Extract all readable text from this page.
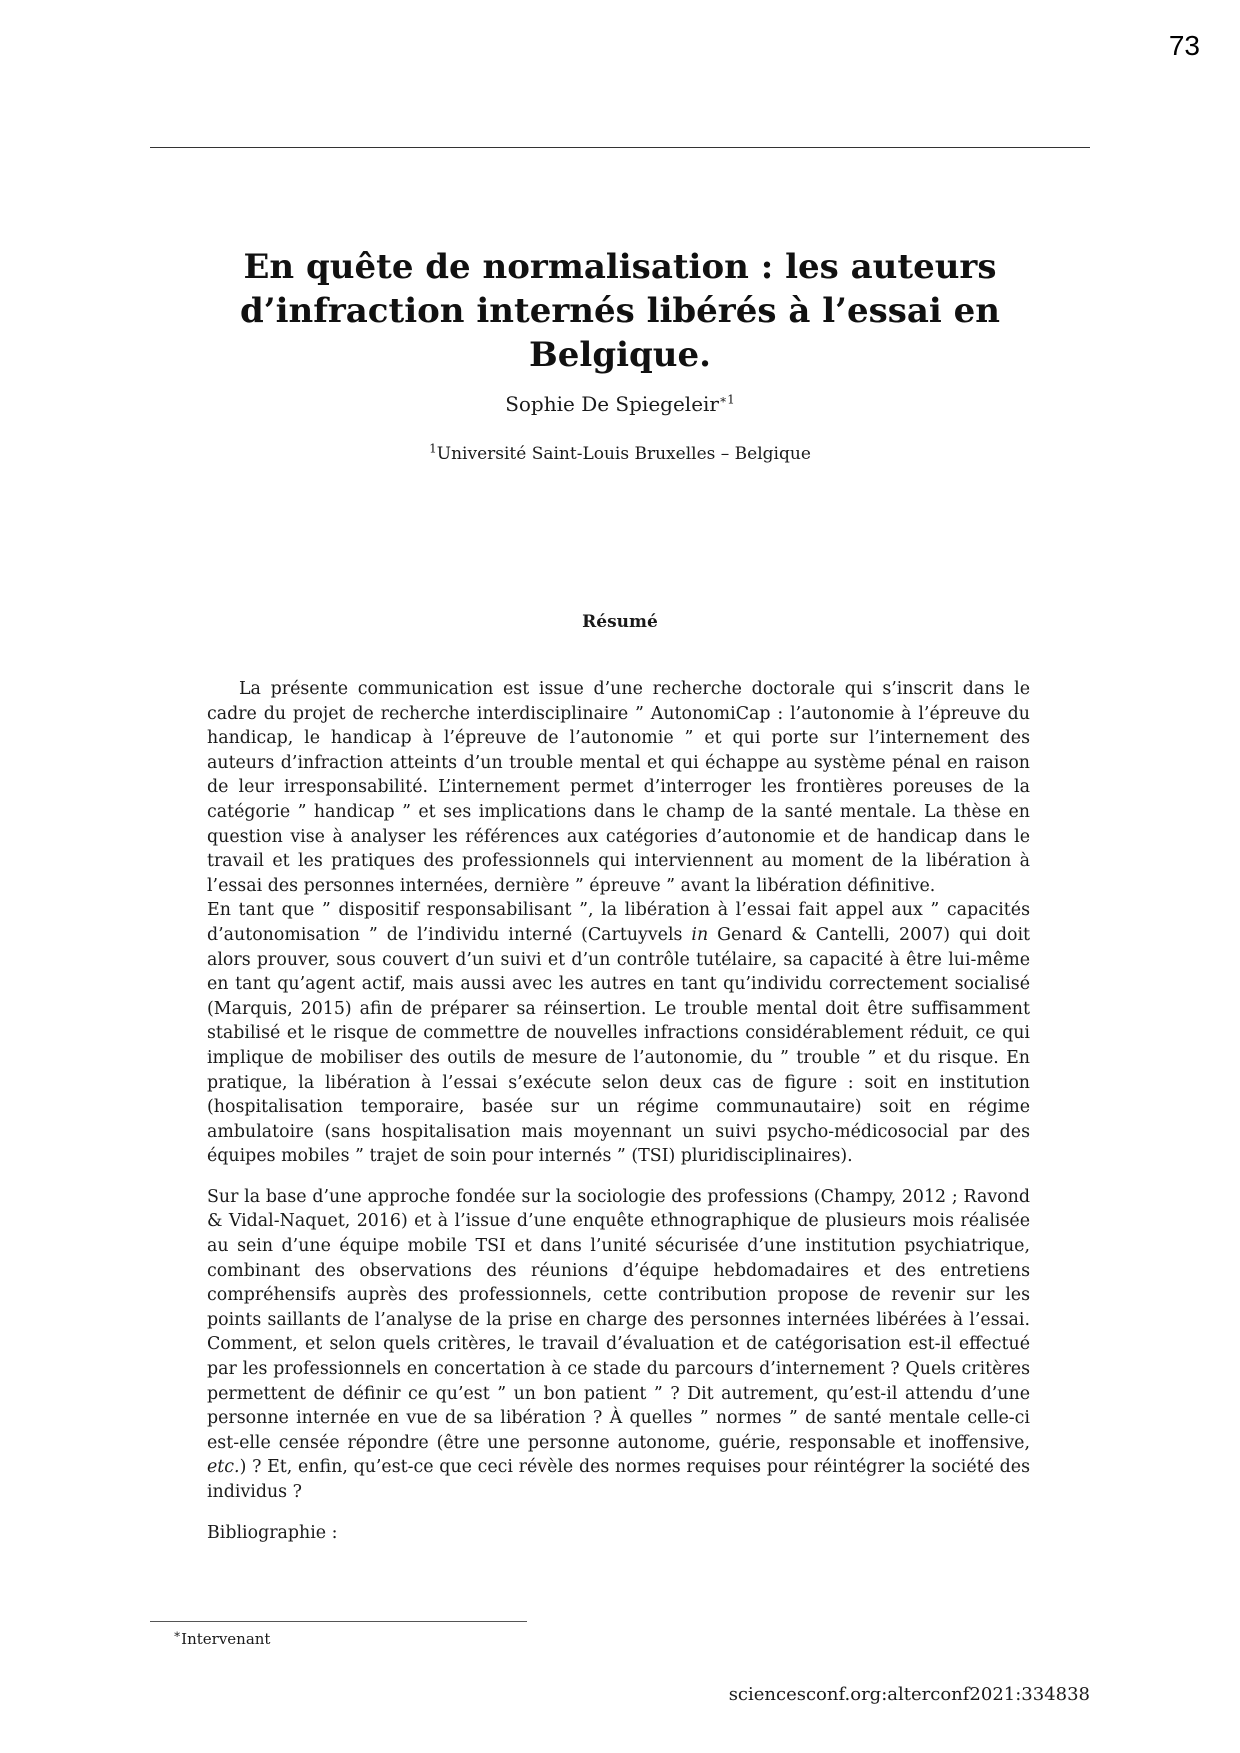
73
En quête de normalisation : les auteurs d’infraction internés libérés à l’essai en Belgique.
Sophie De Spiegeleir$^{∗1}$
$^1$Université Saint-Louis Bruxelles – Belgique
Résumé

La présente communication est issue d’une recherche doctorale qui s’inscrit dans le cadre du projet de recherche interdisciplinaire ” AutonomiCap : l’autonomie à l’épreuve du handicap, le handicap à l’épreuve de l’autonomie ” et qui porte sur l’internement des auteurs d’infraction atteints d’un trouble mental et qui échappe au système pénal en raison de leur irresponsabilité. L’internement permet d’interroger les frontières poreuses de la catégorie ” handicap ” et ses implications dans le champ de la santé mentale. La thèse en question vise à analyser les références aux catégories d’autonomie et de handicap dans le travail et les pratiques des professionnels qui interviennent au moment de la libération à l’essai des personnes internées, dernière ” épreuve ” avant la libération définitive.

En tant que ” dispositif responsabilisant ”, la libération à l’essai fait appel aux ” capacités d’autonomisation ” de l’individu interné (Cartuyvels in Genard & Cantelli, 2007) qui doit alors prouver, sous couvert d’un suivi et d’un contrôle tutélaire, sa capacité à être lui-même en tant qu’agent actif, mais aussi avec les autres en tant qu’individu correctement socialisé (Marquis, 2015) afin de préparer sa réinsertion. Le trouble mental doit être suffisamment stabilisé et le risque de commettre de nouvelles infractions considérablement réduit, ce qui implique de mobiliser des outils de mesure de l’autonomie, du ” trouble ” et du risque. En pratique, la libération à l’essai s’exécute selon deux cas de figure : soit en institution (hospitalisation temporaire, basée sur un régime communautaire) soit en régime ambulatoire (sans hospitalisation mais moyennant un suivi psycho-médicosocial par des équipes mobiles ” trajet de soin pour internés ” (TSI) pluridisciplinaires).

Sur la base d’une approche fondée sur la sociologie des professions (Champy, 2012 ; Ravond & Vidal-Naquet, 2016) et à l’issue d’une enquête ethnographique de plusieurs mois réalisée au sein d’une équipe mobile TSI et dans l’unité sécurisée d’une institution psychiatrique, combinant des observations des réunions d’équipe hebdomadaires et des entretiens compréhensifs auprès des professionnels, cette contribution propose de revenir sur les points saillants de l’analyse de la prise en charge des personnes internées libérées à l’essai. Comment, et selon quels critères, le travail d’évaluation et de catégorisation est-il effectué par les professionnels en concertation à ce stade du parcours d’internement ? Quels critères permettent de définir ce qu’est ” un bon patient ” ? Dit autrement, qu’est-il attendu d’une personne internée en vue de sa libération ? À quelles ” normes ” de santé mentale celle-ci est-elle censée répondre (être une personne autonome, guérie, responsable et inoffensive, etc.) ? Et, enfin, qu’est-ce que ceci révèle des normes requises pour réintégrer la société des individus ?

Bibliographie :

∗Intervenant
sciencesconf.org:alterconf2021:334838
